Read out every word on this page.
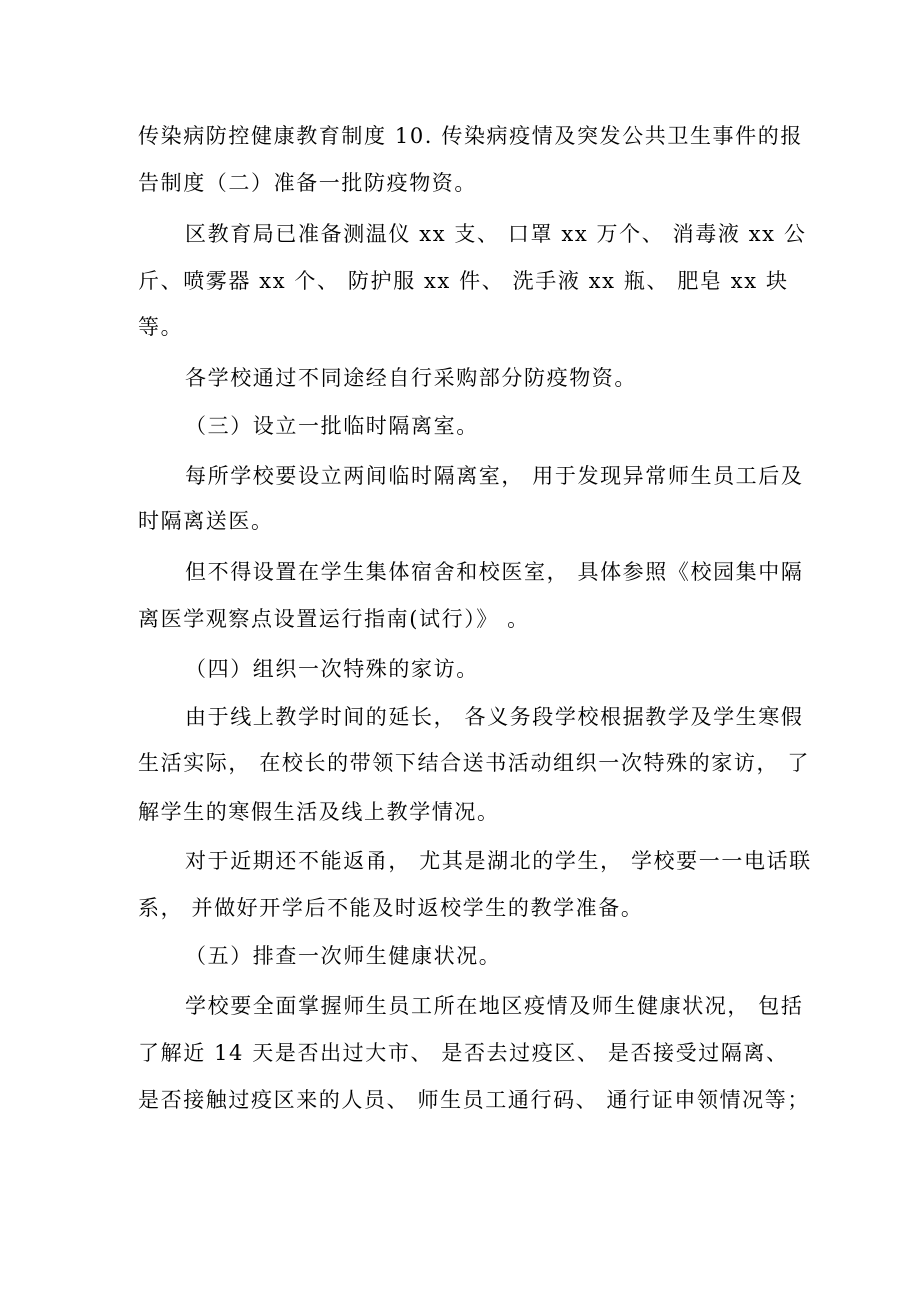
传染病防控健康教育制度 10. 传染病疫情及突发公共卫生事件的报
告制度（二）准备一批防疫物资。
区教育局已准备测温仪 xx 支、 口罩 xx 万个、 消毒液 xx 公
斤、喷雾器 xx 个、 防护服 xx 件、 洗手液 xx 瓶、 肥皂 xx 块
等。
各学校通过不同途经自行采购部分防疫物资。
（三）设立一批临时隔离室。
每所学校要设立两间临时隔离室， 用于发现异常师生员工后及
时隔离送医。
但不得设置在学生集体宿舍和校医室， 具体参照《校园集中隔
离医学观察点设置运行指南(试行）》 。
（四）组织一次特殊的家访。
由于线上教学时间的延长， 各义务段学校根据教学及学生寒假
生活实际， 在校长的带领下结合送书活动组织一次特殊的家访， 了
解学生的寒假生活及线上教学情况。
对于近期还不能返甬， 尤其是湖北的学生， 学校要一一电话联
系， 并做好开学后不能及时返校学生的教学准备。
（五）排查一次师生健康状况。
学校要全面掌握师生员工所在地区疫情及师生健康状况， 包括
了解近 14 天是否出过大市、 是否去过疫区、 是否接受过隔离、
是否接触过疫区来的人员、 师生员工通行码、 通行证申领情况等；
